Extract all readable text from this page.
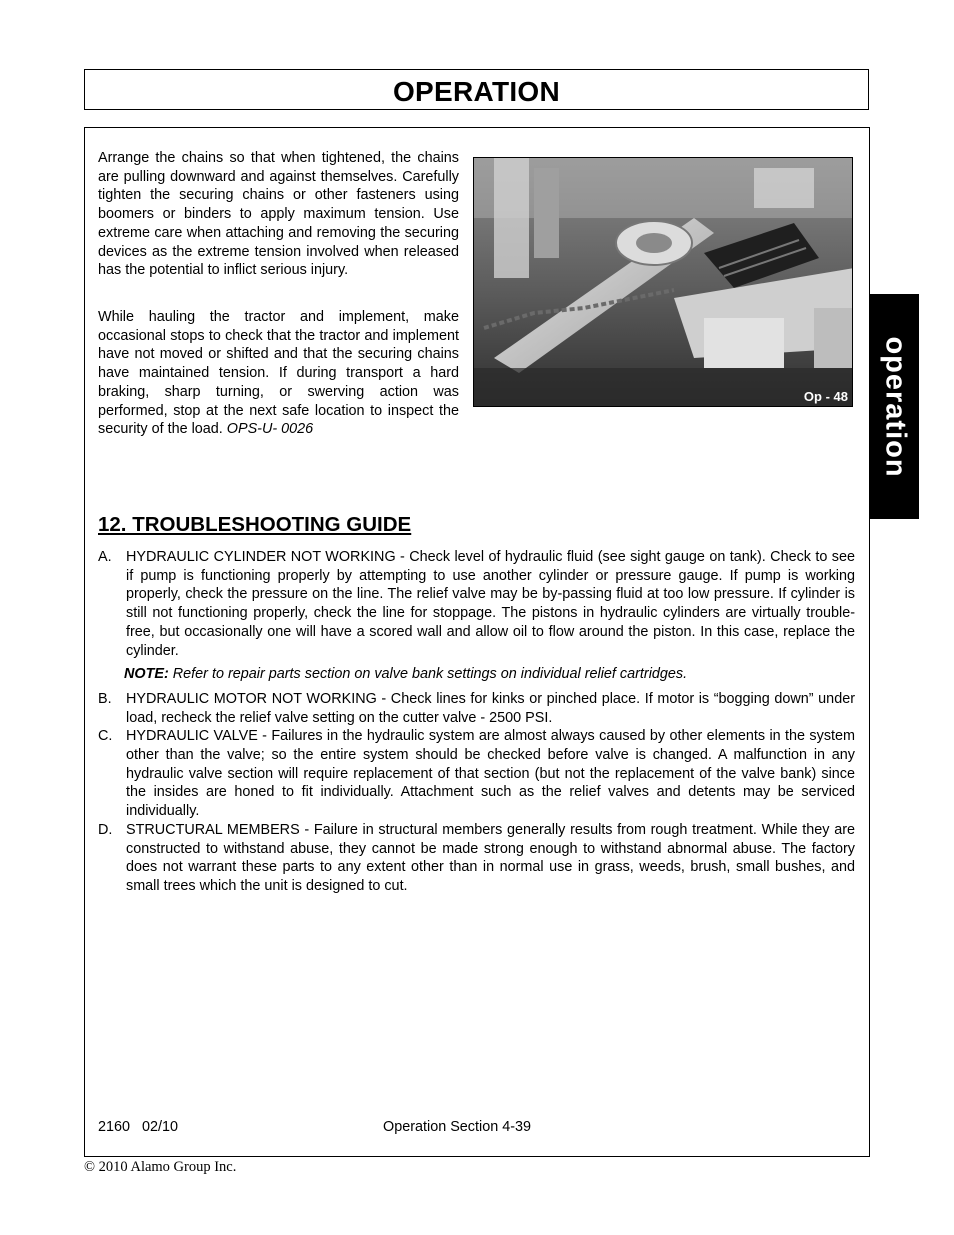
OPERATION

Arrange the chains so that when tightened, the chains are pulling downward and against themselves. Carefully tighten the securing chains or other fasteners using boomers or binders to apply maximum tension. Use extreme care when attaching and removing the securing devices as the extreme tension involved when released has the potential to inflict serious injury.

While hauling the tractor and implement, make occasional stops to check that the tractor and implement have not moved or shifted and that the securing chains have maintained tension. If during transport a hard braking, sharp turning, or swerving action was performed, stop at the next safe location to inspect the security of the load. OPS-U- 0026

Op - 48 operation
12. TROUBLESHOOTING GUIDE
A. HYDRAULIC CYLINDER NOT WORKING - Check level of hydraulic fluid (see sight gauge on tank). Check to see if pump is functioning properly by attempting to use another cylinder or pressure gauge. If pump is working properly, check the pressure on the line. The relief valve may be by-passing fluid at too low pressure. If cylinder is still not functioning properly, check the line for stoppage. The pistons in hydraulic cylinders are virtually trouble-free, but occasionally one will have a scored wall and allow oil to flow around the piston. In this case, replace the cylinder.
NOTE: Refer to repair parts section on valve bank settings on individual relief cartridges.
B. HYDRAULIC MOTOR NOT WORKING - Check lines for kinks or pinched place. If motor is “bogging down” under load, recheck the relief valve setting on the cutter valve - 2500 PSI.
C. HYDRAULIC VALVE - Failures in the hydraulic system are almost always caused by other elements in the system other than the valve; so the entire system should be checked before valve is changed. A malfunction in any hydraulic valve section will require replacement of that section (but not the replacement of the valve bank) since the insides are honed to fit individually. Attachment such as the relief valves and detents may be serviced individually.
D. STRUCTURAL MEMBERS - Failure in structural members generally results from rough treatment. While they are constructed to withstand abuse, they cannot be made strong enough to withstand abnormal abuse. The factory does not warrant these parts to any extent other than in normal use in grass, weeds, brush, small bushes, and small trees which the unit is designed to cut.
2160   02/10	Operation Section 4-39
© 2010 Alamo Group Inc.
